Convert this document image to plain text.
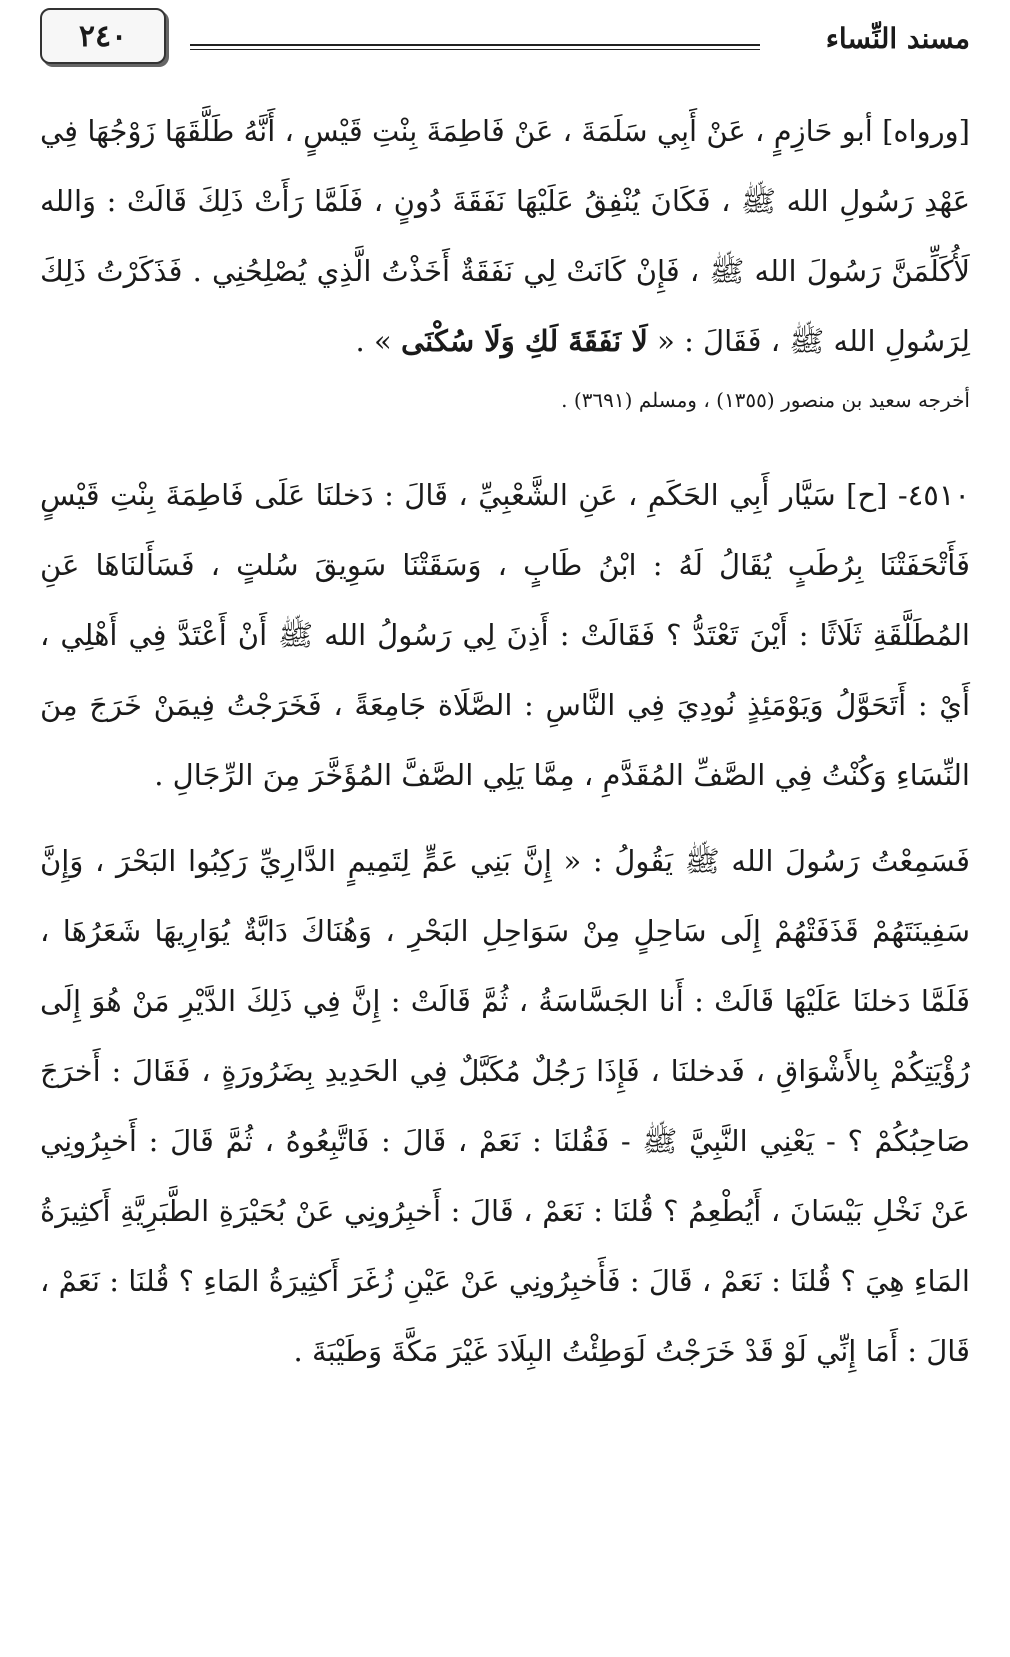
٢٤٠	مسند النِّساء

[ورواه] أبو حَازِمٍ ، عَنْ أَبِي سَلَمَةَ ، عَنْ فَاطِمَةَ بِنْتِ قَيْسٍ ، أَنَّهُ طَلَّقَهَا زَوْجُهَا فِي عَهْدِ رَسُولِ الله ﷺ ، فَكَانَ يُنْفِقُ عَلَيْهَا نَفَقَةَ دُونٍ ، فَلَمَّا رَأَتْ ذَلِكَ قَالَتْ : وَالله لَأُكَلِّمَنَّ رَسُولَ الله ﷺ ، فَإِنْ كَانَتْ لِي نَفَقَةٌ أَخَذْتُ الَّذِي يُصْلِحُنِي . فَذَكَرْتُ ذَلِكَ لِرَسُولِ الله ﷺ ، فَقَالَ : « لَا نَفَقَةَ لَكِ وَلَا سُكْنَى » .

أخرجه سعيد بن منصور (١٣٥٥) ، ومسلم (٣٦٩١) .

٤٥١٠- [ح] سَيَّار أَبِي الحَكَمِ ، عَنِ الشَّعْبِيِّ ، قَالَ : دَخلنَا عَلَى فَاطِمَةَ بِنْتِ قَيْسٍ فَأَتْحَفَتْنَا بِرُطَبٍ يُقَالُ لَهُ : ابْنُ طَابٍ ، وَسَقَتْنَا سَوِيقَ سُلتٍ ، فَسَأَلنَاهَا عَنِ المُطَلَّقَةِ ثَلَاثًا : أَيْنَ تَعْتَدُّ ؟ فَقَالَتْ : أَذِنَ لِي رَسُولُ الله ﷺ أَنْ أَعْتَدَّ فِي أَهْلِي ، أَيْ : أَتَحَوَّلُ وَيَوْمَئِذٍ نُودِيَ فِي النَّاسِ : الصَّلَاة جَامِعَةً ، فَخَرَجْتُ فِيمَنْ خَرَجَ مِنَ النِّسَاءِ وَكُنْتُ فِي الصَّفِّ المُقَدَّمِ ، مِمَّا يَلِي الصَّفَّ المُؤَخَّرَ مِنَ الرِّجَالِ .

فَسَمِعْتُ رَسُولَ الله ﷺ يَقُولُ : « إِنَّ بَنِي عَمٍّ لِتَمِيمٍ الدَّارِيِّ رَكِبُوا البَحْرَ ، وَإِنَّ سَفِينَتَهُمْ قَذَفَتْهُمْ إِلَى سَاحِلٍ مِنْ سَوَاحِلِ البَحْرِ ، وَهُنَاكَ دَابَّةٌ يُوَارِيهَا شَعَرُهَا ، فَلَمَّا دَخلنَا عَلَيْهَا قَالَتْ : أَنا الجَسَّاسَةُ ، ثُمَّ قَالَتْ : إِنَّ فِي ذَلِكَ الدَّيْرِ مَنْ هُوَ إِلَى رُؤْيَتِكُمْ بِالأَشْوَاقِ ، فَدخلنَا ، فَإِذَا رَجُلٌ مُكَبَّلٌ فِي الحَدِيدِ بِضَرُورَةٍ ، فَقَالَ : أَخرَجَ صَاحِبُكُمْ ؟ - يَعْنِي النَّبِيَّ ﷺ - فَقُلنَا : نَعَمْ ، قَالَ : فَاتَّبِعُوهُ ، ثُمَّ قَالَ : أَخبِرُونِي عَنْ نَخْلِ بَيْسَانَ ، أَيُطْعِمُ ؟ قُلنَا : نَعَمْ ، قَالَ : أَخبِرُونِي عَنْ بُحَيْرَةِ الطَّبَرِيَّةِ أَكثِيرَةُ المَاءِ هِيَ ؟ قُلنَا : نَعَمْ ، قَالَ : فَأَخبِرُونِي عَنْ عَيْنِ زُغَرَ أَكثِيرَةُ المَاءِ ؟ قُلنَا : نَعَمْ ، قَالَ : أَمَا إِنِّي لَوْ قَدْ خَرَجْتُ لَوَطِئْتُ البِلَادَ غَيْرَ مَكَّةَ وَطَيْبَةَ .
